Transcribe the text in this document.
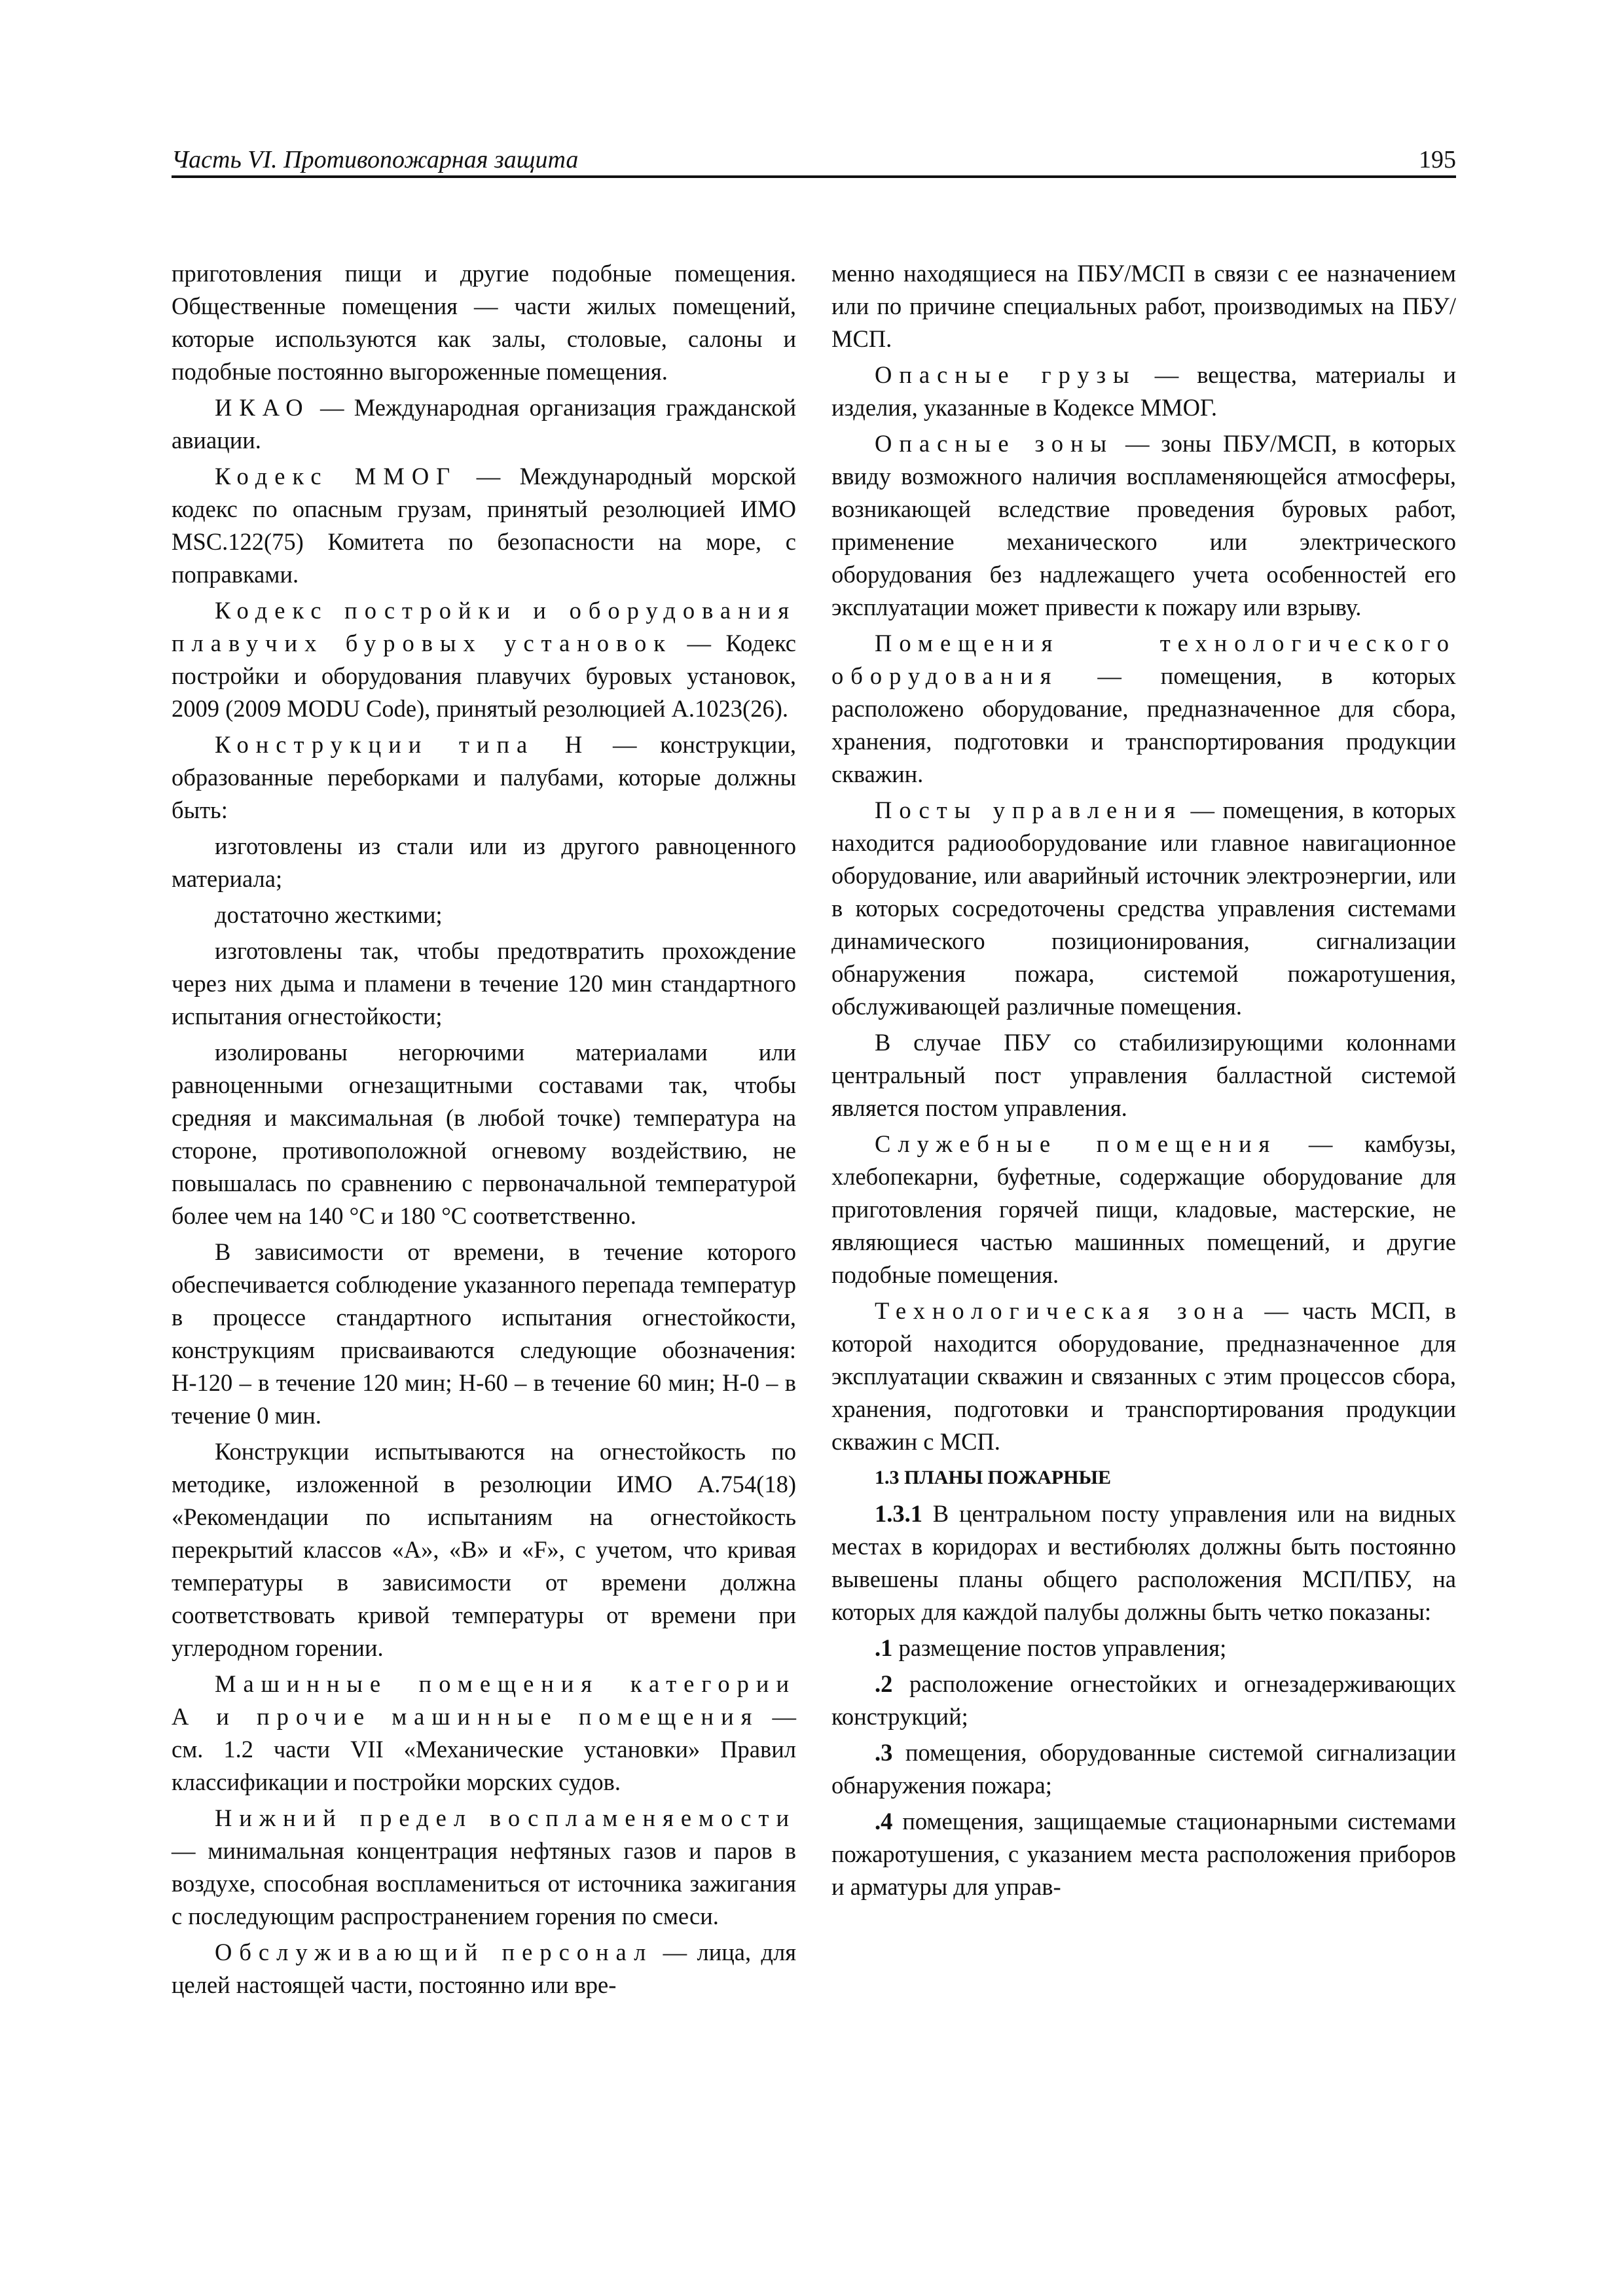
Часть VI. Противопожарная защита	195

приготовления пищи и другие подобные помещения. Общественные помещения — части жилых помещений, которые используются как залы, столовые, салоны и подобные постоянно выгороженные помещения.

ИКАО — Международная организация гражданской авиации.

Кодекс ММОГ — Международный морской кодекс по опасным грузам, принятый резолюцией ИМО MSC.122(75) Комитета по безопасности на море, с поправками.

Кодекс постройки и оборудования плавучих буровых установок — Кодекс постройки и оборудования плавучих буровых установок, 2009 (2009 MODU Code), принятый резолюцией A.1023(26).

Конструкции типа Н — конструкции, образованные переборками и палубами, которые должны быть:

изготовлены из стали или из другого равноценного материала;

достаточно жесткими;

изготовлены так, чтобы предотвратить прохождение через них дыма и пламени в течение 120 мин стандартного испытания огнестойкости;

изолированы негорючими материалами или равноценными огнезащитными составами так, чтобы средняя и максимальная (в любой точке) температура на стороне, противоположной огневому воздействию, не повышалась по сравнению с первоначальной температурой более чем на 140 °C и 180 °C соответственно.

В зависимости от времени, в течение которого обеспечивается соблюдение указанного перепада температур в процессе стандартного испытания огнестойкости, конструкциям присваиваются следующие обозначения: Н-120 – в течение 120 мин; Н-60 – в течение 60 мин; Н-0 – в течение 0 мин.

Конструкции испытываются на огнестойкость по методике, изложенной в резолюции ИМО A.754(18) «Рекомендации по испытаниям на огнестойкость перекрытий классов «А», «В» и «F», с учетом, что кривая температуры в зависимости от времени должна соответствовать кривой температуры от времени при углеродном горении.

Машинные помещения категории А и прочие машинные помещения — см. 1.2 части VII «Механические установки» Правил классификации и постройки морских судов.

Нижний предел воспламеняемости — минимальная концентрация нефтяных газов и паров в воздухе, способная воспламениться от источника зажигания с последующим распространением горения по смеси.

Обслуживающий персонал — лица, для целей настоящей части, постоянно или вре-

менно находящиеся на ПБУ/МСП в связи с ее назначением или по причине специальных работ, производимых на ПБУ/МСП.

Опасные грузы — вещества, материалы и изделия, указанные в Кодексе ММОГ.

Опасные зоны — зоны ПБУ/МСП, в которых ввиду возможного наличия воспламеняющейся атмосферы, возникающей вследствие проведения буровых работ, применение механического или электрического оборудования без надлежащего учета особенностей его эксплуатации может привести к пожару или взрыву.

Помещения технологического оборудования — помещения, в которых расположено оборудование, предназначенное для сбора, хранения, подготовки и транспортирования продукции скважин.

Посты управления — помещения, в которых находится радиооборудование или главное навигационное оборудование, или аварийный источник электроэнергии, или в которых сосредоточены средства управления системами динамического позиционирования, сигнализации обнаружения пожара, системой пожаротушения, обслуживающей различные помещения.

В случае ПБУ со стабилизирующими колоннами центральный пост управления балластной системой является постом управления.

Служебные помещения — камбузы, хлебопекарни, буфетные, содержащие оборудование для приготовления горячей пищи, кладовые, мастерские, не являющиеся частью машинных помещений, и другие подобные помещения.

Технологическая зона — часть МСП, в которой находится оборудование, предназначенное для эксплуатации скважин и связанных с этим процессов сбора, хранения, подготовки и транспортирования продукции скважин с МСП.

1.3 ПЛАНЫ ПОЖАРНЫЕ

1.3.1 В центральном посту управления или на видных местах в коридорах и вестибюлях должны быть постоянно вывешены планы общего расположения МСП/ПБУ, на которых для каждой палубы должны быть четко показаны:

.1 размещение постов управления;

.2 расположение огнестойких и огнезадерживающих конструкций;

.3 помещения, оборудованные системой сигнализации обнаружения пожара;

.4 помещения, защищаемые стационарными системами пожаротушения, с указанием места расположения приборов и арматуры для управ-
